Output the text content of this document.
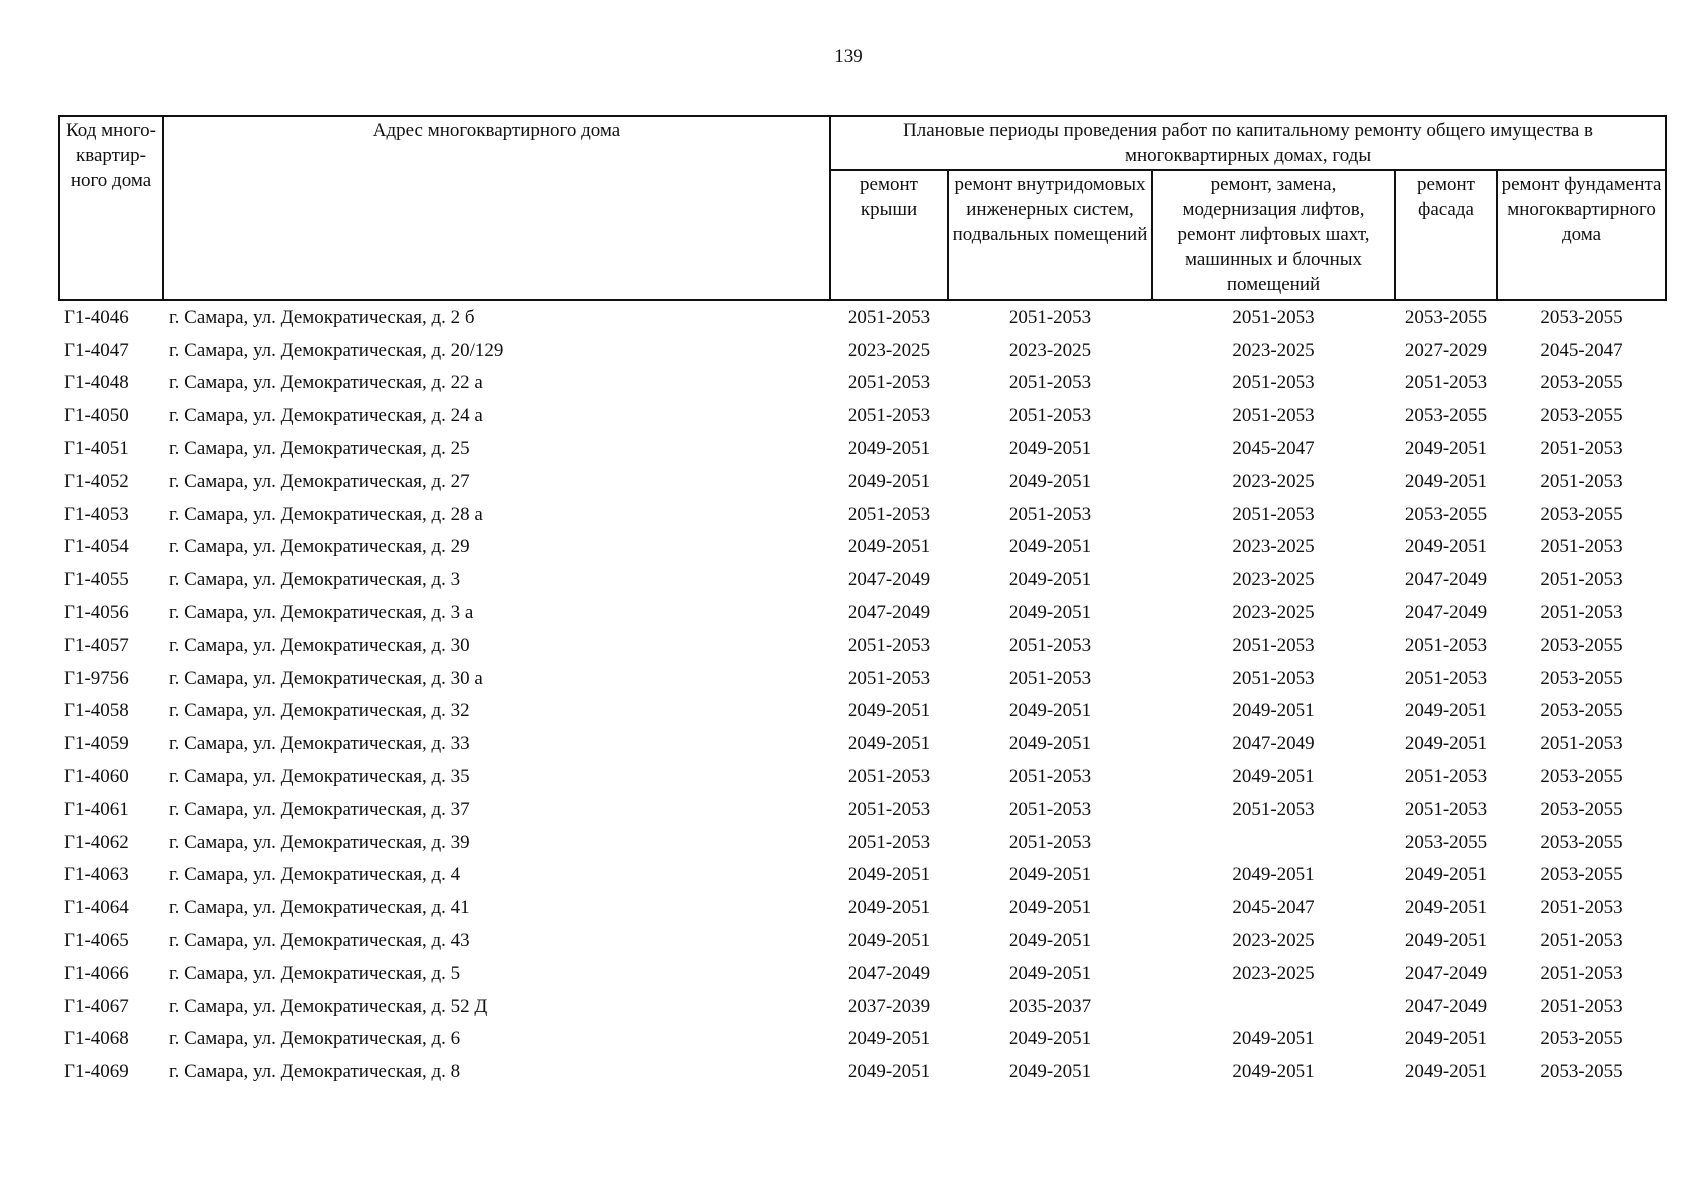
139
Код много-
квартир-
ного дома	Адрес многоквартирного дома	Плановые периоды проведения работ по капитальному ремонту общего имущества в многоквартирных домах, годы				
		ремонт крыши	ремонт внутридомовых инженерных систем, подвальных помещений	ремонт, замена, модернизация лифтов, ремонт лифтовых шахт, машинных и блочных помещений	ремонт фасада	ремонт фундамента многоквартирного дома
Г1-4046	г. Самара, ул. Демократическая, д. 2 б	2051-2053	2051-2053	2051-2053	2053-2055	2053-2055
Г1-4047	г. Самара, ул. Демократическая, д. 20/129	2023-2025	2023-2025	2023-2025	2027-2029	2045-2047
Г1-4048	г. Самара, ул. Демократическая, д. 22 а	2051-2053	2051-2053	2051-2053	2051-2053	2053-2055
Г1-4050	г. Самара, ул. Демократическая, д. 24 а	2051-2053	2051-2053	2051-2053	2053-2055	2053-2055
Г1-4051	г. Самара, ул. Демократическая, д. 25	2049-2051	2049-2051	2045-2047	2049-2051	2051-2053
Г1-4052	г. Самара, ул. Демократическая, д. 27	2049-2051	2049-2051	2023-2025	2049-2051	2051-2053
Г1-4053	г. Самара, ул. Демократическая, д. 28 а	2051-2053	2051-2053	2051-2053	2053-2055	2053-2055
Г1-4054	г. Самара, ул. Демократическая, д. 29	2049-2051	2049-2051	2023-2025	2049-2051	2051-2053
Г1-4055	г. Самара, ул. Демократическая, д. 3	2047-2049	2049-2051	2023-2025	2047-2049	2051-2053
Г1-4056	г. Самара, ул. Демократическая, д. 3 а	2047-2049	2049-2051	2023-2025	2047-2049	2051-2053
Г1-4057	г. Самара, ул. Демократическая, д. 30	2051-2053	2051-2053	2051-2053	2051-2053	2053-2055
Г1-9756	г. Самара, ул. Демократическая, д. 30 а	2051-2053	2051-2053	2051-2053	2051-2053	2053-2055
Г1-4058	г. Самара, ул. Демократическая, д. 32	2049-2051	2049-2051	2049-2051	2049-2051	2053-2055
Г1-4059	г. Самара, ул. Демократическая, д. 33	2049-2051	2049-2051	2047-2049	2049-2051	2051-2053
Г1-4060	г. Самара, ул. Демократическая, д. 35	2051-2053	2051-2053	2049-2051	2051-2053	2053-2055
Г1-4061	г. Самара, ул. Демократическая, д. 37	2051-2053	2051-2053	2051-2053	2051-2053	2053-2055
Г1-4062	г. Самара, ул. Демократическая, д. 39	2051-2053	2051-2053		2053-2055	2053-2055
Г1-4063	г. Самара, ул. Демократическая, д. 4	2049-2051	2049-2051	2049-2051	2049-2051	2053-2055
Г1-4064	г. Самара, ул. Демократическая, д. 41	2049-2051	2049-2051	2045-2047	2049-2051	2051-2053
Г1-4065	г. Самара, ул. Демократическая, д. 43	2049-2051	2049-2051	2023-2025	2049-2051	2051-2053
Г1-4066	г. Самара, ул. Демократическая, д. 5	2047-2049	2049-2051	2023-2025	2047-2049	2051-2053
Г1-4067	г. Самара, ул. Демократическая, д. 52 Д	2037-2039	2035-2037		2047-2049	2051-2053
Г1-4068	г. Самара, ул. Демократическая, д. 6	2049-2051	2049-2051	2049-2051	2049-2051	2053-2055
Г1-4069	г. Самара, ул. Демократическая, д. 8	2049-2051	2049-2051	2049-2051	2049-2051	2053-2055
